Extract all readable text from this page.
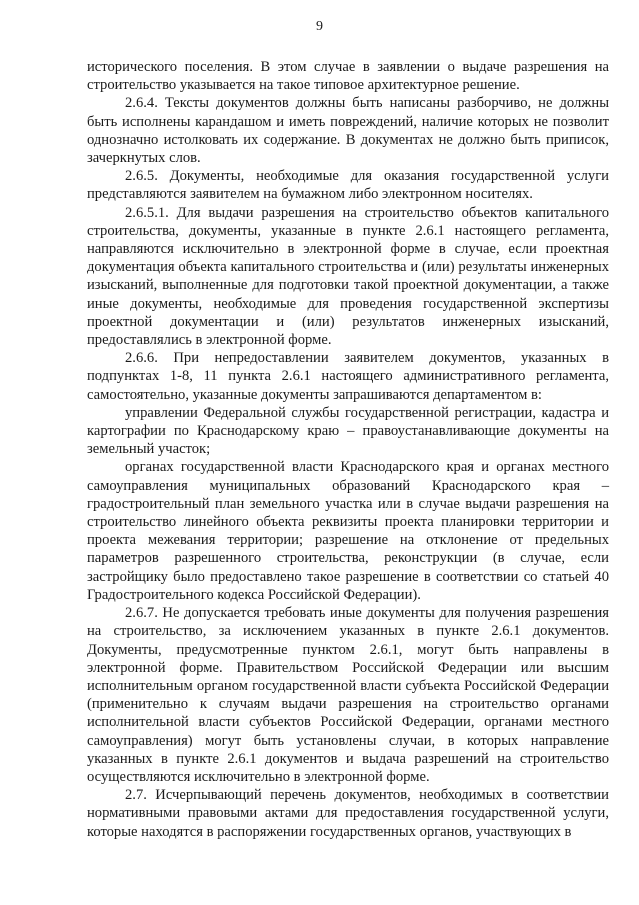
9

исторического поселения. В этом случае в заявлении о выдаче разрешения на строительство указывается на такое типовое архитектурное решение.

2.6.4. Тексты документов должны быть написаны разборчиво, не должны быть исполнены карандашом и иметь повреждений, наличие которых не позволит однозначно истолковать их содержание. В документах не должно быть приписок, зачеркнутых слов.

2.6.5. Документы, необходимые для оказания государственной услуги представляются заявителем на бумажном либо электронном носителях.

2.6.5.1. Для выдачи разрешения на строительство объектов капитального строительства, документы, указанные в пункте 2.6.1 настоящего регламента, направляются исключительно в электронной форме в случае, если проектная документация объекта капитального строительства и (или) результаты инженерных изысканий, выполненные для подготовки такой проектной документации, а также иные документы, необходимые для проведения государственной экспертизы проектной документации и (или) результатов инженерных изысканий, предоставлялись в электронной форме.

2.6.6. При непредоставлении заявителем документов, указанных в подпунктах 1-8, 11 пункта 2.6.1 настоящего административного регламента, самостоятельно, указанные документы запрашиваются департаментом в:

управлении Федеральной службы государственной регистрации, кадастра и картографии по Краснодарскому краю – правоустанавливающие документы на земельный участок;

органах государственной власти Краснодарского края и органах местного самоуправления муниципальных образований Краснодарского края – градостроительный план земельного участка или в случае выдачи разрешения на строительство линейного объекта реквизиты проекта планировки территории и проекта межевания территории; разрешение на отклонение от предельных параметров разрешенного строительства, реконструкции (в случае, если застройщику было предоставлено такое разрешение в соответствии со статьей 40 Градостроительного кодекса Российской Федерации).

2.6.7. Не допускается требовать иные документы для получения разрешения на строительство, за исключением указанных в пункте 2.6.1 документов. Документы, предусмотренные пунктом 2.6.1, могут быть направлены в электронной форме. Правительством Российской Федерации или высшим исполнительным органом государственной власти субъекта Российской Федерации (применительно к случаям выдачи разрешения на строительство органами исполнительной власти субъектов Российской Федерации, органами местного самоуправления) могут быть установлены случаи, в которых направление указанных в пункте 2.6.1 документов и выдача разрешений на строительство осуществляются исключительно в электронной форме.

2.7. Исчерпывающий перечень документов, необходимых в соответствии нормативными правовыми актами для предоставления государственной услуги, которые находятся в распоряжении государственных органов, участвующих в
